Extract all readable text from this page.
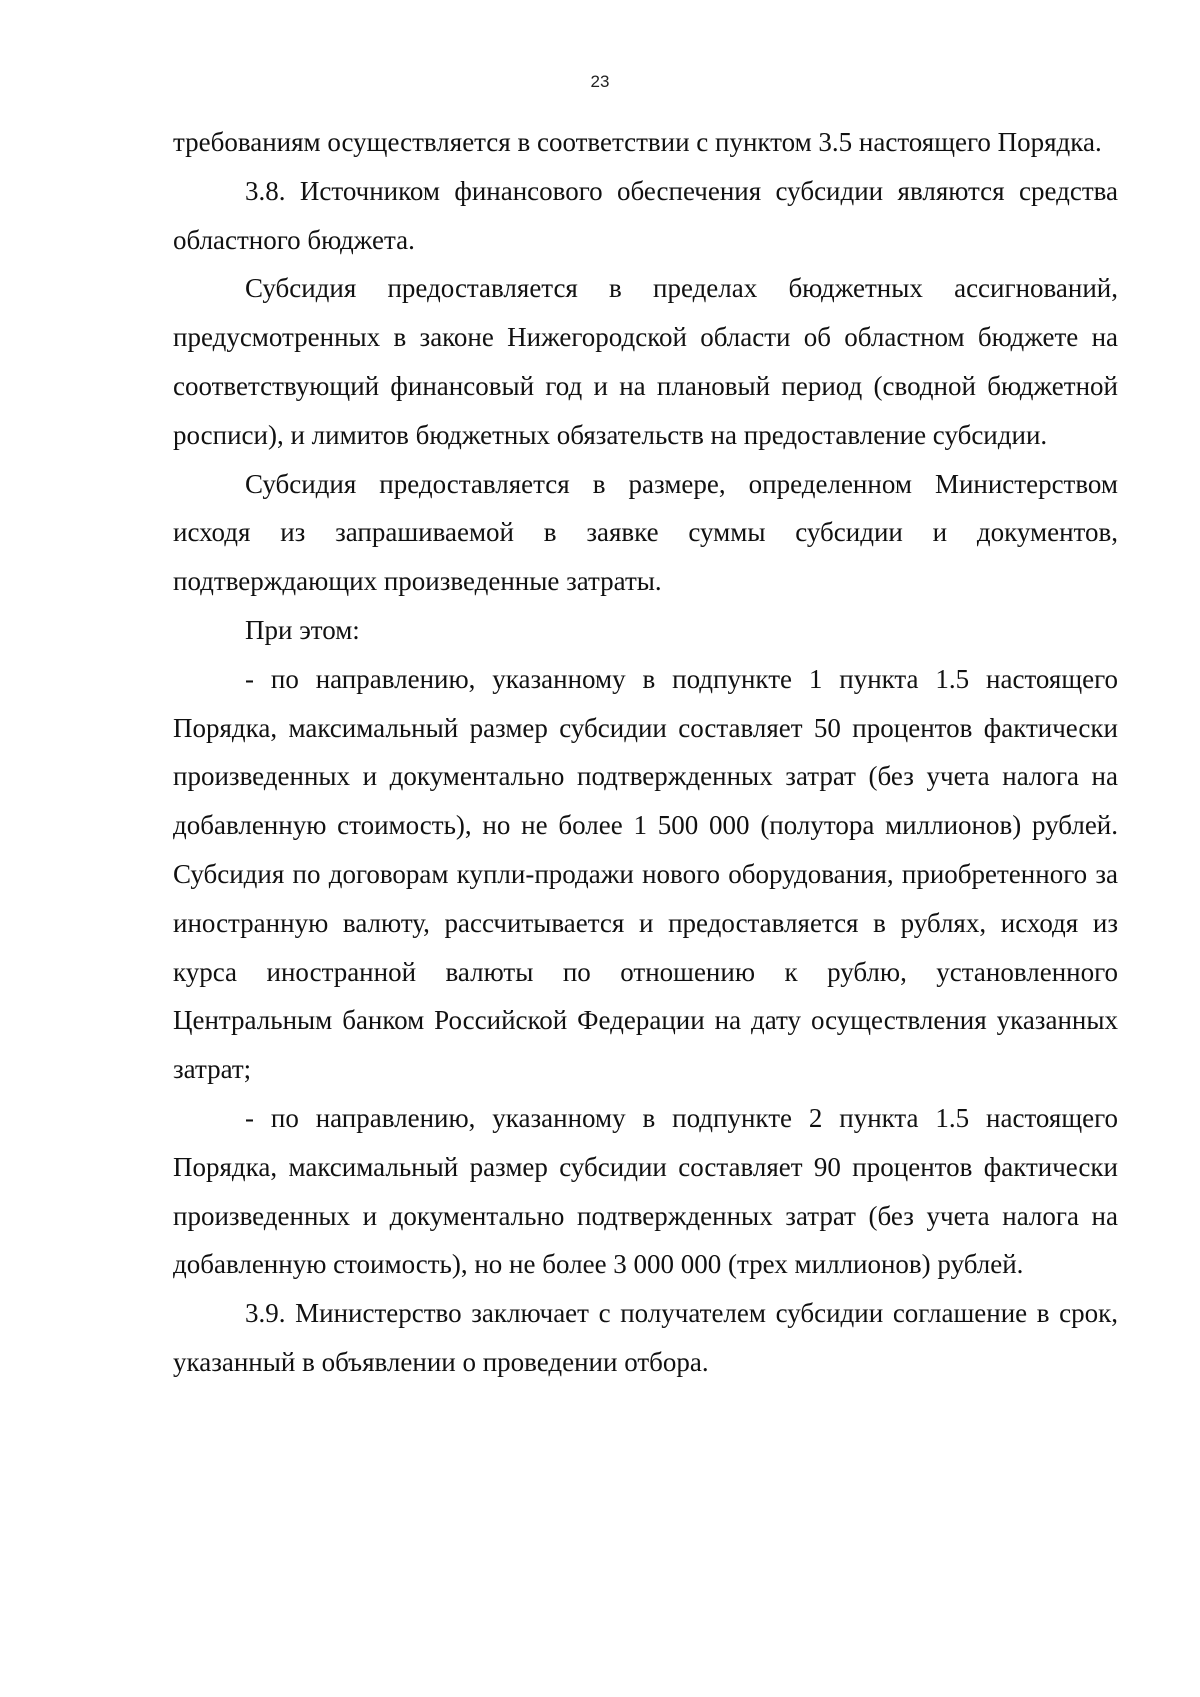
23

требованиям осуществляется в соответствии с пунктом 3.5 настоящего Порядка.

3.8. Источником финансового обеспечения субсидии являются средства областного бюджета.

Субсидия предоставляется в пределах бюджетных ассигнований, предусмотренных в законе Нижегородской области об областном бюджете на соответствующий финансовый год и на плановый период (сводной бюджетной росписи), и лимитов бюджетных обязательств на предоставление субсидии.

Субсидия предоставляется в размере, определенном Министерством исходя из запрашиваемой в заявке суммы субсидии и документов, подтверждающих произведенные затраты.

При этом:

- по направлению, указанному в подпункте 1 пункта 1.5 настоящего Порядка, максимальный размер субсидии составляет 50 процентов фактически произведенных и документально подтвержденных затрат (без учета налога на добавленную стоимость), но не более 1 500 000 (полутора миллионов) рублей. Субсидия по договорам купли-продажи нового оборудования, приобретенного за иностранную валюту, рассчитывается и предоставляется в рублях, исходя из курса иностранной валюты по отношению к рублю, установленного Центральным банком Российской Федерации на дату осуществления указанных затрат;

- по направлению, указанному в подпункте 2 пункта 1.5 настоящего Порядка, максимальный размер субсидии составляет 90 процентов фактически произведенных и документально подтвержденных затрат (без учета налога на добавленную стоимость), но не более 3 000 000 (трех миллионов) рублей.

3.9. Министерство заключает с получателем субсидии соглашение в срок, указанный в объявлении о проведении отбора.
